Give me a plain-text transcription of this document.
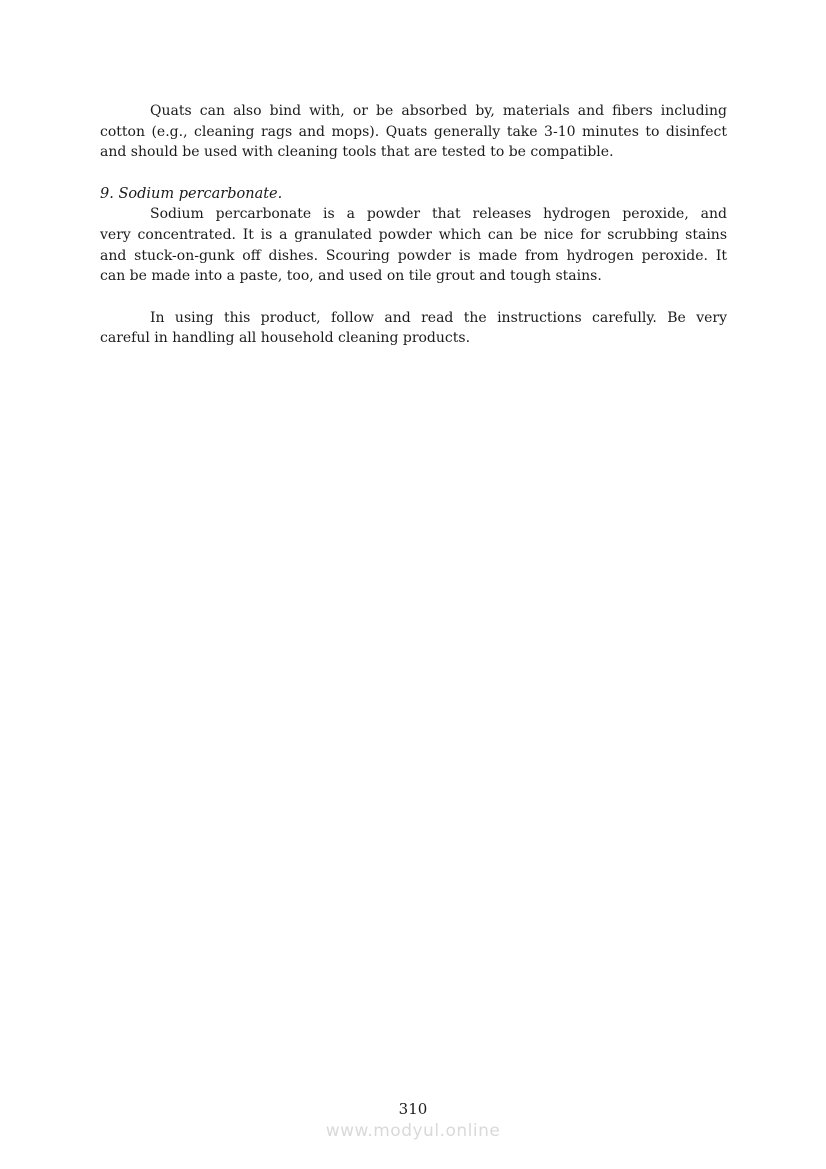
Quats can also bind with, or be absorbed by, materials and fibers including
cotton (e.g., cleaning rags and mops). Quats generally take 3-10 minutes to disinfect
and should be used with cleaning tools that are tested to be compatible.
9. Sodium percarbonate.
Sodium percarbonate is a powder that releases hydrogen peroxide, and
very concentrated. It is a granulated powder which can be nice for scrubbing stains
and stuck-on-gunk off dishes. Scouring powder is made from hydrogen peroxide. It
can be made into a paste, too, and used on tile grout and tough stains.
In using this product, follow and read the instructions carefully. Be very
careful in handling all household cleaning products.
310
www.modyul.online
